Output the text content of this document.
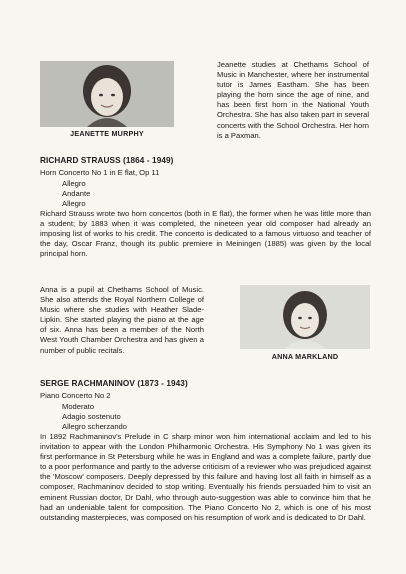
JEANETTE MURPHY
Jeanette studies at Chethams School of Music in Manchester, where her instrumental tutor is James Eastham. She has been playing the horn since the age of nine, and has been first horn in the National Youth Orchestra. She has also taken part in several concerts with the School Orchestra. Her horn is a Paxman.
RICHARD STRAUSS (1864 - 1949)
Horn Concerto No 1 in E flat, Op 11
Allegro
Andante
Allegro
Richard Strauss wrote two horn concertos (both in E flat), the former when he was little more than a student; by 1883 when it was completed, the nineteen year old composer had already an imposing list of works to his credit. The concerto is dedicated to a famous virtuoso and teacher of the day, Oscar Franz, though its public premiere in Meiningen (1885) was given by the local principal horn.
Anna is a pupil at Chethams School of Music. She also attends the Royal Northern College of Music where she studies with Heather Slade-Lipkin. She started playing the piano at the age of six. Anna has been a member of the North West Youth Chamber Orchestra and has given a number of public recitals.
ANNA MARKLAND
SERGE RACHMANINOV (1873 - 1943)
Piano Concerto No 2
Moderato
Adagio sostenuto
Allegro scherzando
In 1892 Rachmaninov's Prelude in C sharp minor won him international acclaim and led to his invitation to appear with the London Philharmonic Orchestra. His Symphony No 1 was given its first performance in St Petersburg while he was in England and was a complete failure, partly due to a poor performance and partly to the adverse criticism of a reviewer who was prejudiced against the 'Moscow' composers. Deeply depressed by this failure and having lost all faith in himself as a composer, Rachmaninov decided to stop writing. Eventually his friends persuaded him to visit an eminent Russian doctor, Dr Dahl, who through auto-suggestion was able to convince him that he had an undeniable talent for composition. The Piano Concerto No 2, which is one of his most outstanding masterpieces, was composed on his resumption of work and is dedicated to Dr Dahl.
